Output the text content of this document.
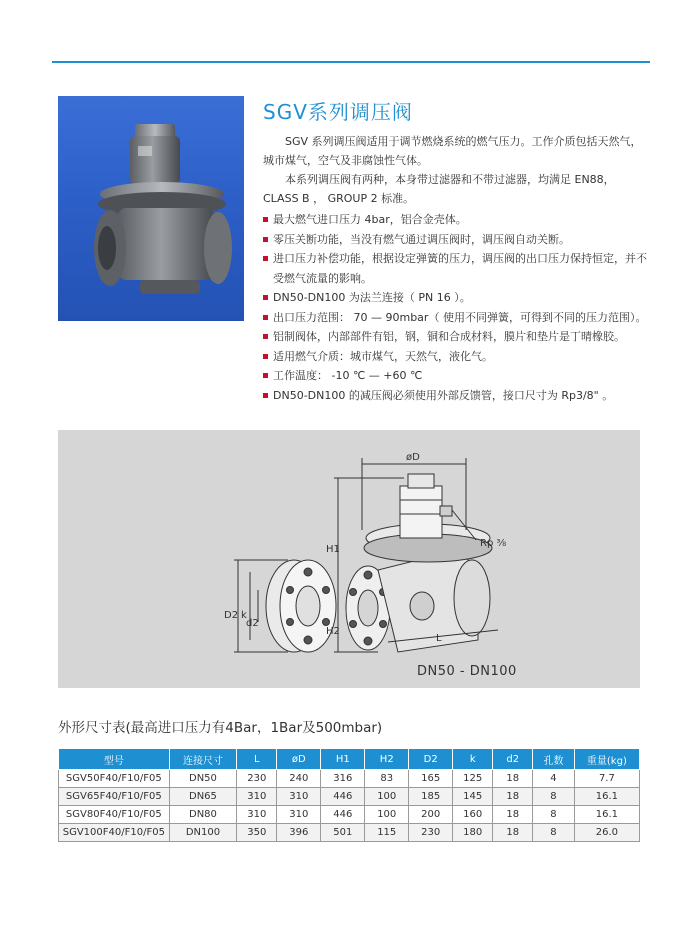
SGV系列调压阀

SGV 系列调压阀适用于调节燃烧系统的燃气压力。工作介质包括天然气，城市煤气，空气及非腐蚀性气体。

本系列调压阀有两种，本身带过滤器和不带过滤器，均满足 EN88，CLASS B ， GROUP 2 标准。

最大燃气进口压力 4bar，铝合金壳体。
零压关断功能，当没有燃气通过调压阀时，调压阀自动关断。
进口压力补偿功能，根据设定弹簧的压力，调压阀的出口压力保持恒定，并不受燃气流量的影响。
DN50-DN100 为法兰连接（ PN 16 ）。
出口压力范围： 70 — 90mbar（ 使用不同弹簧，可得到不同的压力范围）。
铝制阀体，内部部件有铝，钢，铜和合成材料，膜片和垫片是丁晴橡胶。
适用燃气介质：城市煤气，天然气，液化气。
工作温度： -10 ℃ — +60 ℃
DN50-DN100 的减压阀必须使用外部反馈管，接口尺寸为 Rp3/8" 。
øD
H1
H2
L
D2 k
d2
Rp ⅜
DN50 - DN100
外形尺寸表(最高进口压力有4Bar，1Bar及500mbar)
型号	连接尺寸	L	øD	H1	H2	D2	k	d2	孔数	重量(kg)
SGV50F40/F10/F05	DN50	230	240	316	83	165	125	18	4	7.7
SGV65F40/F10/F05	DN65	310	310	446	100	185	145	18	8	16.1
SGV80F40/F10/F05	DN80	310	310	446	100	200	160	18	8	16.1
SGV100F40/F10/F05	DN100	350	396	501	115	230	180	18	8	26.0
